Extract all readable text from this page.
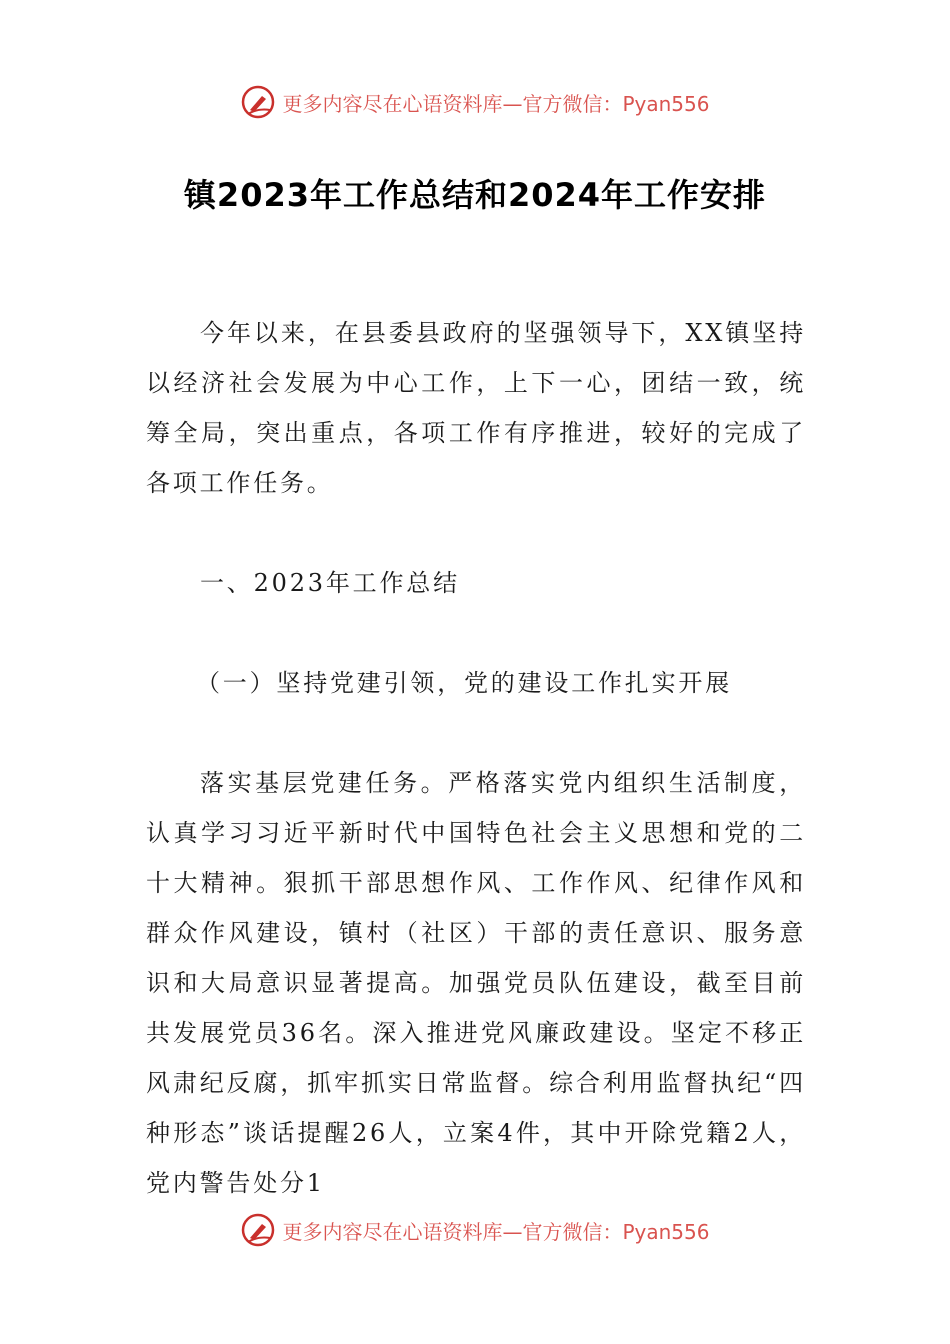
更多内容尽在心语资料库—官方微信：Pyan556
镇2023年工作总结和2024年工作安排

今年以来，在县委县政府的坚强领导下，XX镇坚持以经济社会发展为中心工作，上下一心，团结一致，统筹全局，突出重点，各项工作有序推进，较好的完成了各项工作任务。

一、2023年工作总结

（一）坚持党建引领，党的建设工作扎实开展

落实基层党建任务。严格落实党内组织生活制度，认真学习习近平新时代中国特色社会主义思想和党的二十大精神。狠抓干部思想作风、工作作风、纪律作风和群众作风建设，镇村（社区）干部的责任意识、服务意识和大局意识显著提高。加强党员队伍建设，截至目前共发展党员36名。深入推进党风廉政建设。坚定不移正风肃纪反腐，抓牢抓实日常监督。综合利用监督执纪“四种形态”谈话提醒26人，立案4件，其中开除党籍2人，党内警告处分1

更多内容尽在心语资料库—官方微信：Pyan556
